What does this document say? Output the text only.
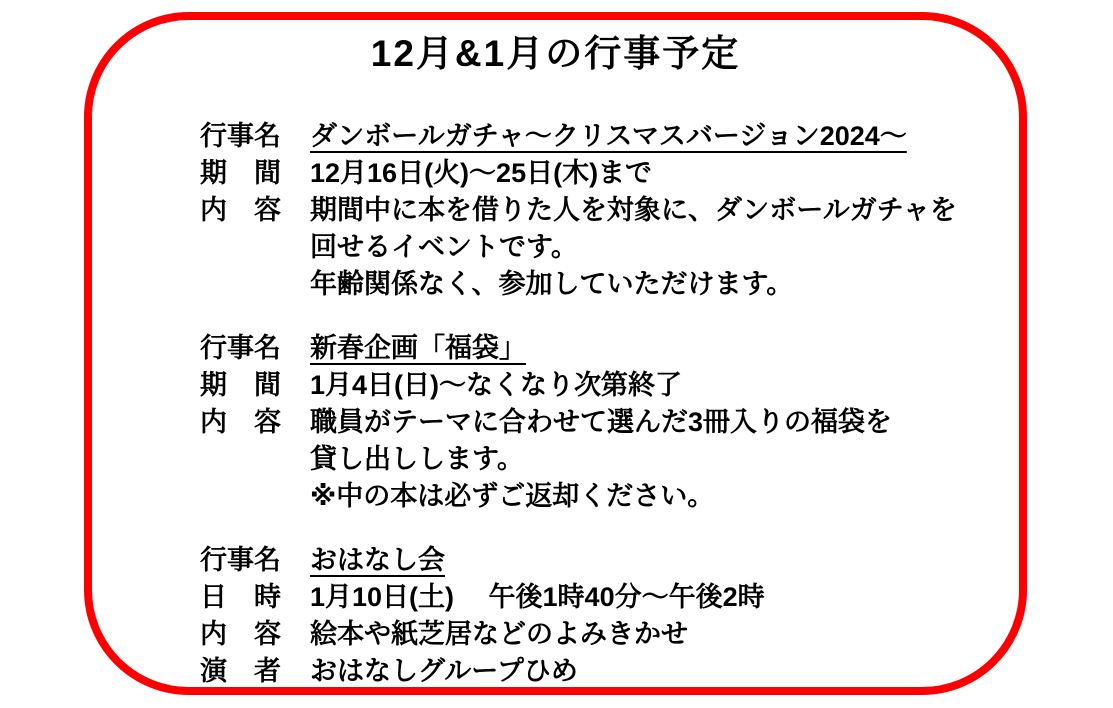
12月&1月の行事予定
行事名 ダンボールガチャ～クリスマスバージョン2024～
期　間 12月16日(火)～25日(木)まで
内　容 期間中に本を借りた人を対象に、ダンボールガチャを
回せるイベントです。
年齢関係なく、参加していただけます。
行事名 新春企画「福袋」
期　間 1月4日(日)～なくなり次第終了
内　容 職員がテーマに合わせて選んだ3冊入りの福袋を
貸し出しします。
※中の本は必ずご返却ください。
行事名 おはなし会
日　時 1月10日(土)　 午後1時40分～午後2時
内　容 絵本や紙芝居などのよみきかせ
演　者 おはなしグループひめ
